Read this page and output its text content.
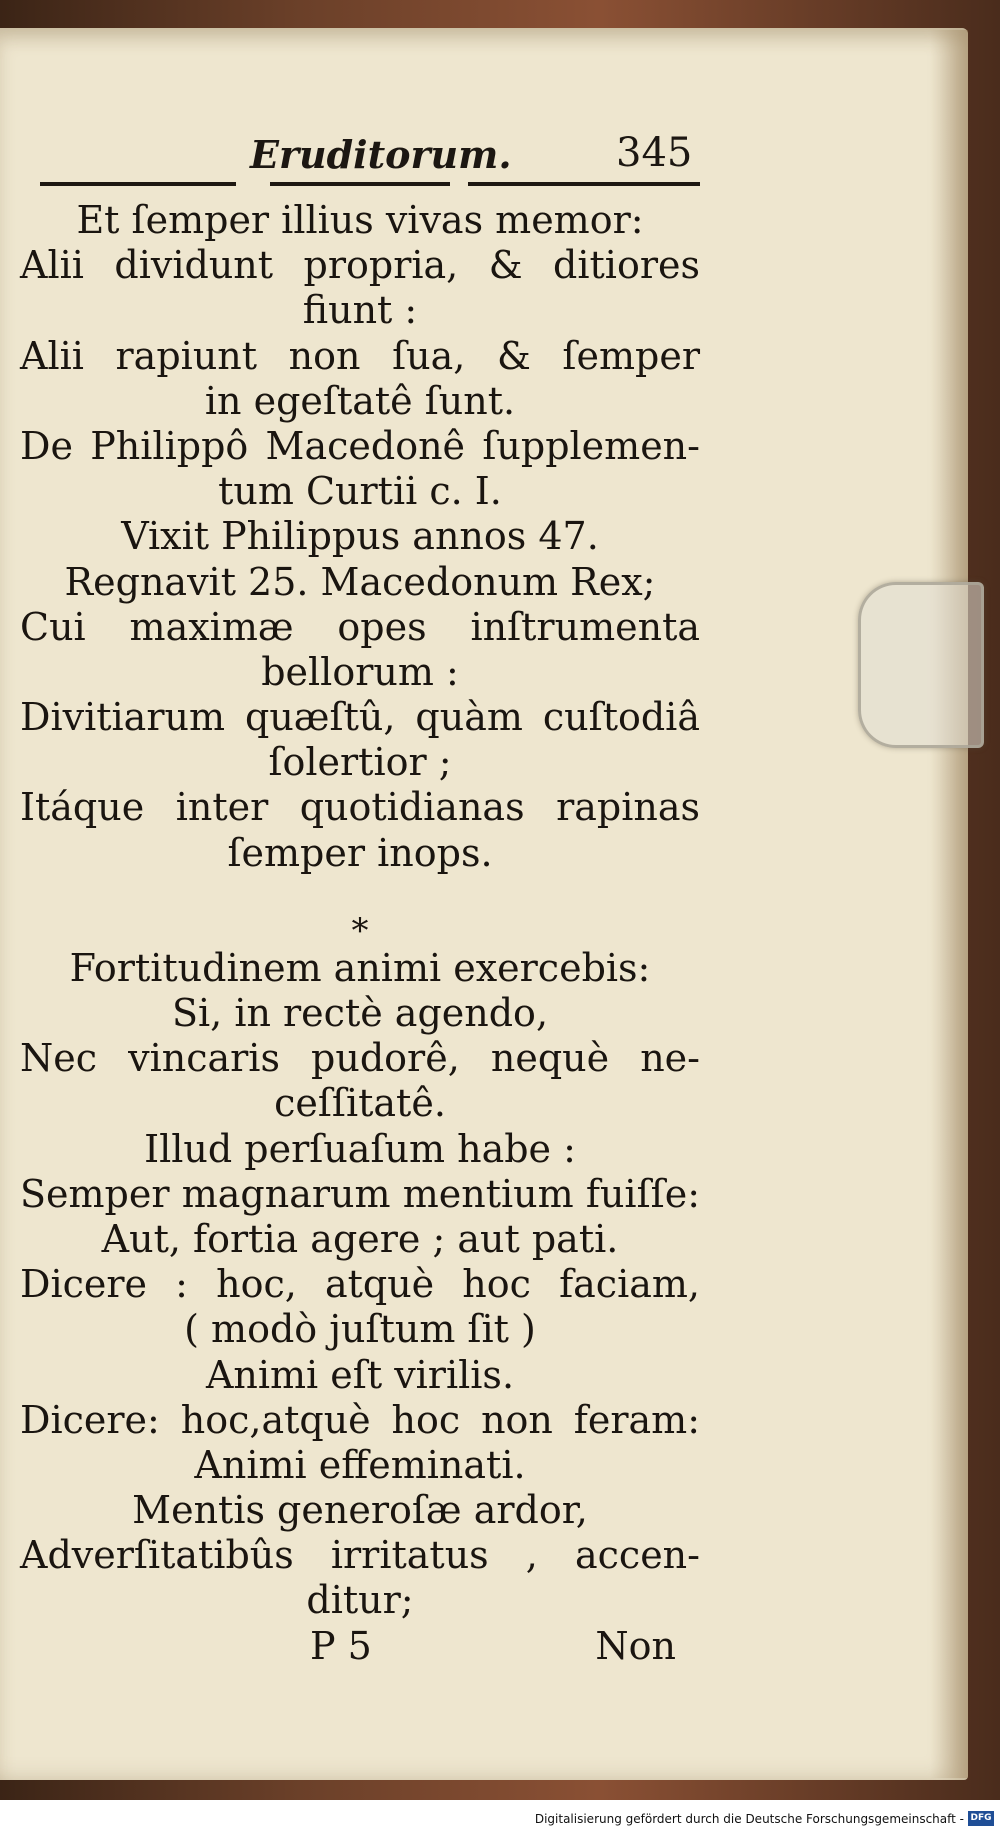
Eruditorum.	345
Et ſemper illius vivas memor:
Alii dividunt propria, & ditiores
fiunt :
Alii rapiunt non ſua, & ſemper
in egeſtatê ſunt.
De Philippô Macedonê ſupplemen-
tum Curtii c. I.
Vixit Philippus annos 47.
Regnavit 25. Macedonum Rex;
Cui maximæ opes inſtrumenta
bellorum :
Divitiarum quæſtû, quàm cuſtodiâ
ſolertior ;
Itáque inter quotidianas rapinas
ſemper inops.
*
Fortitudinem animi exercebis:
Si, in rectè agendo,
Nec vincaris pudorê, nequè ne-
ceſſitatê.
Illud perſuaſum habe :
Semper magnarum mentium fuiſſe:
Aut, fortia agere ; aut pati.
Dicere : hoc, atquè hoc faciam,
( modò juſtum ſit )
Animi eſt virilis.
Dicere: hoc,atquè hoc non feram:
Animi effeminati.
Mentis generoſæ ardor,
Adverſitatibûs irritatus , accen-
ditur;
P 5	Non
Digitalisierung gefördert durch die Deutsche Forschungsgemeinschaft - DFG
